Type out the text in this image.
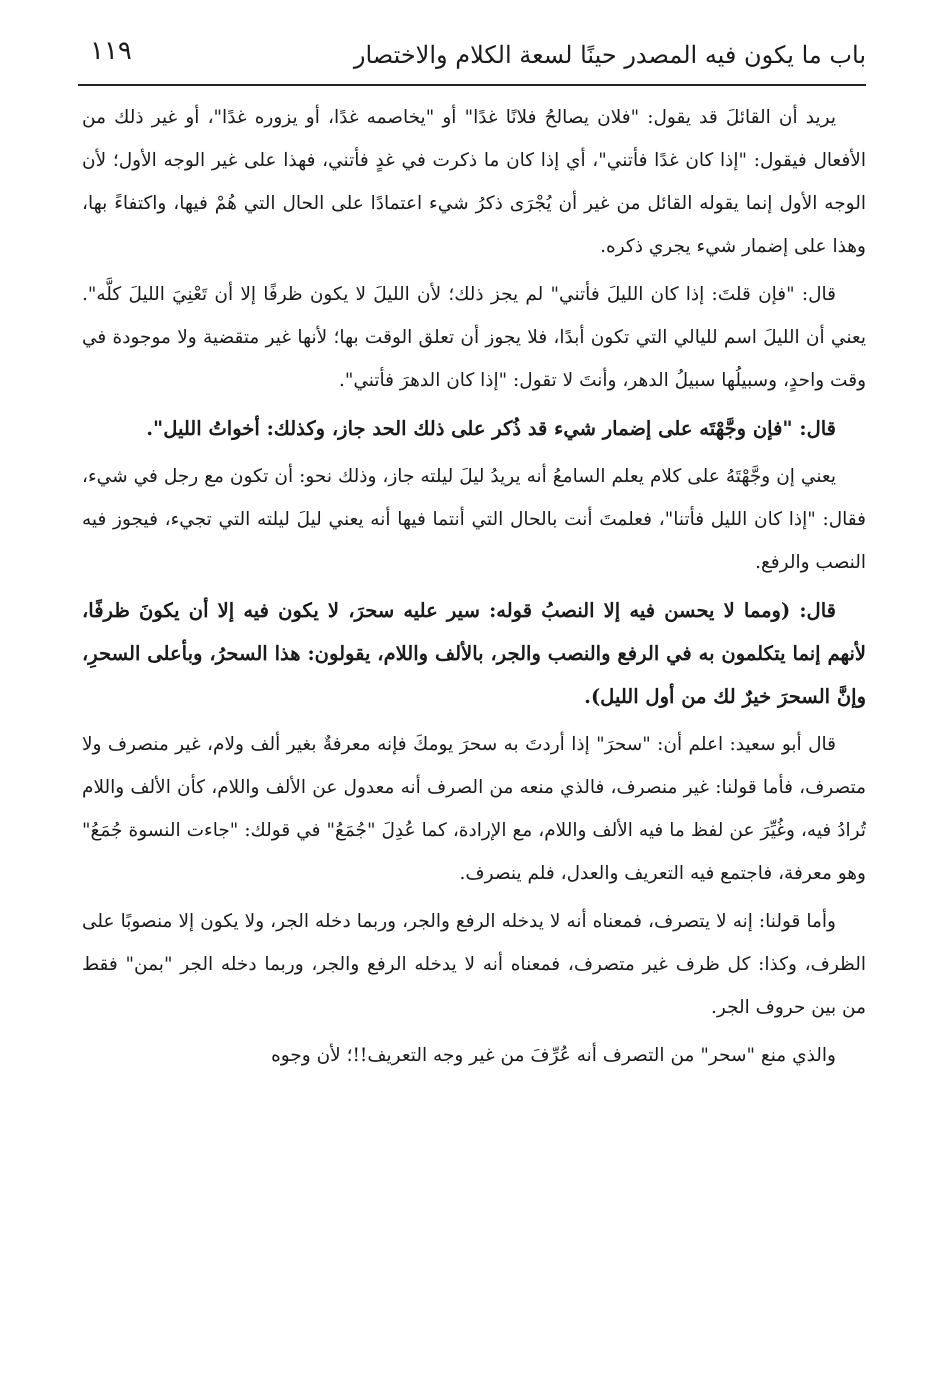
باب ما يكون فيه المصدر حينًا لسعة الكلام والاختصار
١١٩

يريد أن القائلَ قد يقول: "فلان يصالحُ فلانًا غدًا" أو "يخاصمه غدًا، أو يزوره غدًا"، أو غير ذلك من الأفعال فيقول: "إذا كان غدًا فأتني"، أي إذا كان ما ذكرت في غدٍ فأتني، فهذا على غير الوجه الأول؛ لأن الوجه الأول إنما يقوله القائل من غير أن يُجْرَى ذكرُ شيء اعتمادًا على الحال التي هُمْ فيها، واكتفاءً بها، وهذا على إضمار شيء يجري ذكره.

قال: "فإن قلتَ: إذا كان الليلَ فأتني" لم يجز ذلك؛ لأن الليلَ لا يكون ظرفًا إلا أن تَعْنِيَ الليلَ كلَّه". يعني أن الليلَ اسم لليالي التي تكون أبدًا، فلا يجوز أن تعلق الوقت بها؛ لأنها غير متقضية ولا موجودة في وقت واحدٍ، وسبيلُها سبيلُ الدهر، وأنتَ لا تقول: "إذا كان الدهرَ فأتني".

قال: "فإن وجَّهْتَه على إضمار شيء قد ذُكر على ذلك الحد جاز، وكذلك: أخواتُ الليل".

يعني إن وجَّهْتَهُ على كلام يعلم السامعُ أنه يريدُ ليلَ ليلته جاز، وذلك نحو: أن تكون مع رجل في شيء، فقال: "إذا كان الليل فأتنا"، فعلمتَ أنت بالحال التي أنتما فيها أنه يعني ليلَ ليلته التي تجيء، فيجوز فيه النصب والرفع.

قال: (ومما لا يحسن فيه إلا النصبُ قوله: سير عليه سحرَ، لا يكون فيه إلا أن يكونَ ظرفًا، لأنهم إنما يتكلمون به في الرفع والنصب والجر، بالألف واللام، يقولون: هذا السحرُ، وبأعلى السحرِ، وإنَّ السحرَ خيرٌ لك من أول الليل).

قال أبو سعيد: اعلم أن: "سحرَ" إذا أردتَ به سحرَ يومكَ فإنه معرفةٌ بغير ألف ولام، غير منصرف ولا متصرف، فأما قولنا: غير منصرف، فالذي منعه من الصرف أنه معدول عن الألف واللام، كأن الألف واللام تُرادُ فيه، وغُيِّرَ عن لفظ ما فيه الألف واللام، مع الإرادة، كما عُدِلَ "جُمَعُ" في قولك: "جاءت النسوة جُمَعُ" وهو معرفة، فاجتمع فيه التعريف والعدل، فلم ينصرف.

وأما قولنا: إنه لا يتصرف، فمعناه أنه لا يدخله الرفع والجر، وربما دخله الجر، ولا يكون إلا منصوبًا على الظرف، وكذا: كل ظرف غير متصرف، فمعناه أنه لا يدخله الرفع والجر، وربما دخله الجر "بمن" فقط من بين حروف الجر.

والذي منع "سحر" من التصرف أنه عُرِّفَ من غير وجه التعريف!!؛ لأن وجوه
